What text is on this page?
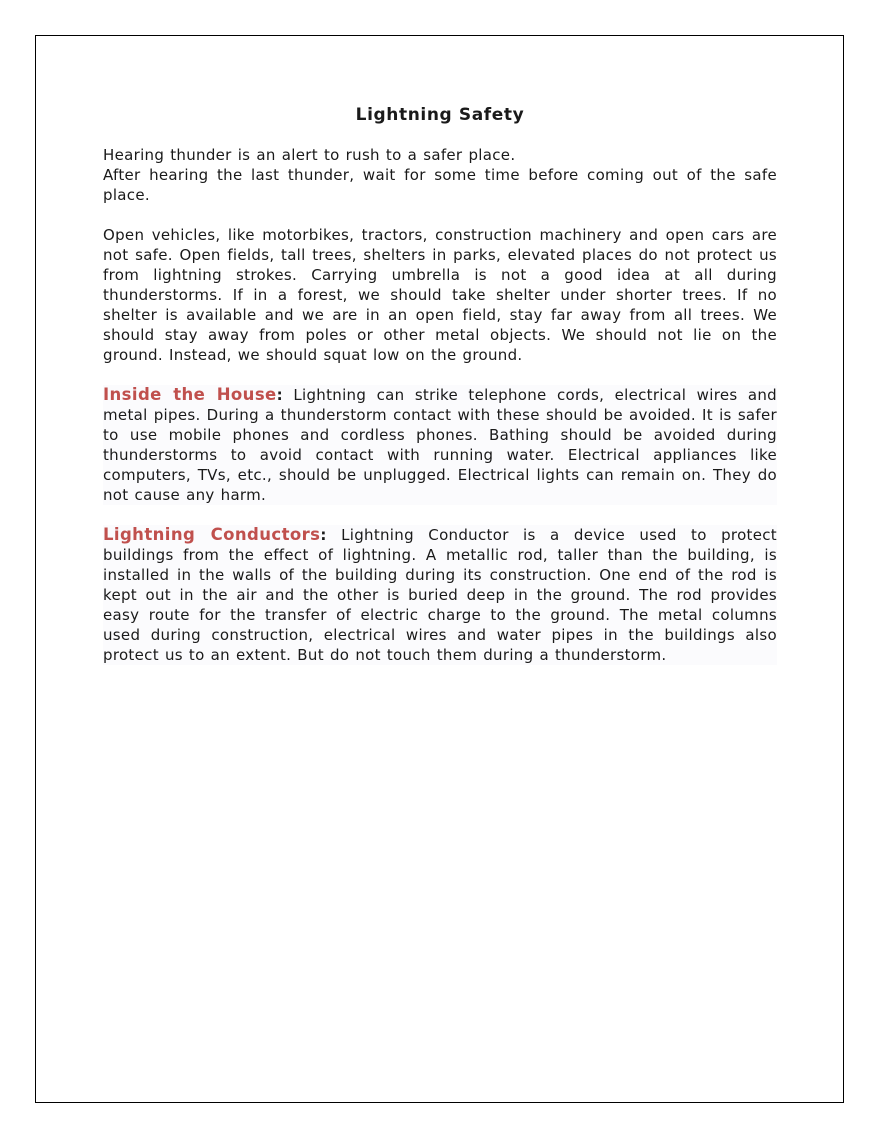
Lightning Safety

Hearing thunder is an alert to rush to a safer place.

After hearing the last thunder, wait for some time before coming out of the safe place.

Open vehicles, like motorbikes, tractors, construction machinery and open cars are not safe. Open fields, tall trees, shelters in parks, elevated places do not protect us from lightning strokes. Carrying umbrella is not a good idea at all during thunderstorms. If in a forest, we should take shelter under shorter trees. If no shelter is available and we are in an open field, stay far away from all trees. We should stay away from poles or other metal objects. We should not lie on the ground. Instead, we should squat low on the ground.

Inside the House: Lightning can strike telephone cords, electrical wires and metal pipes. During a thunderstorm contact with these should be avoided. It is safer to use mobile phones and cordless phones. Bathing should be avoided during thunderstorms to avoid contact with running water. Electrical appliances like computers, TVs, etc., should be unplugged. Electrical lights can remain on. They do not cause any harm.

Lightning Conductors: Lightning Conductor is a device used to protect buildings from the effect of lightning. A metallic rod, taller than the building, is installed in the walls of the building during its construction. One end of the rod is kept out in the air and the other is buried deep in the ground. The rod provides easy route for the transfer of electric charge to the ground. The metal columns used during construction, electrical wires and water pipes in the buildings also protect us to an extent. But do not touch them during a thunderstorm.
